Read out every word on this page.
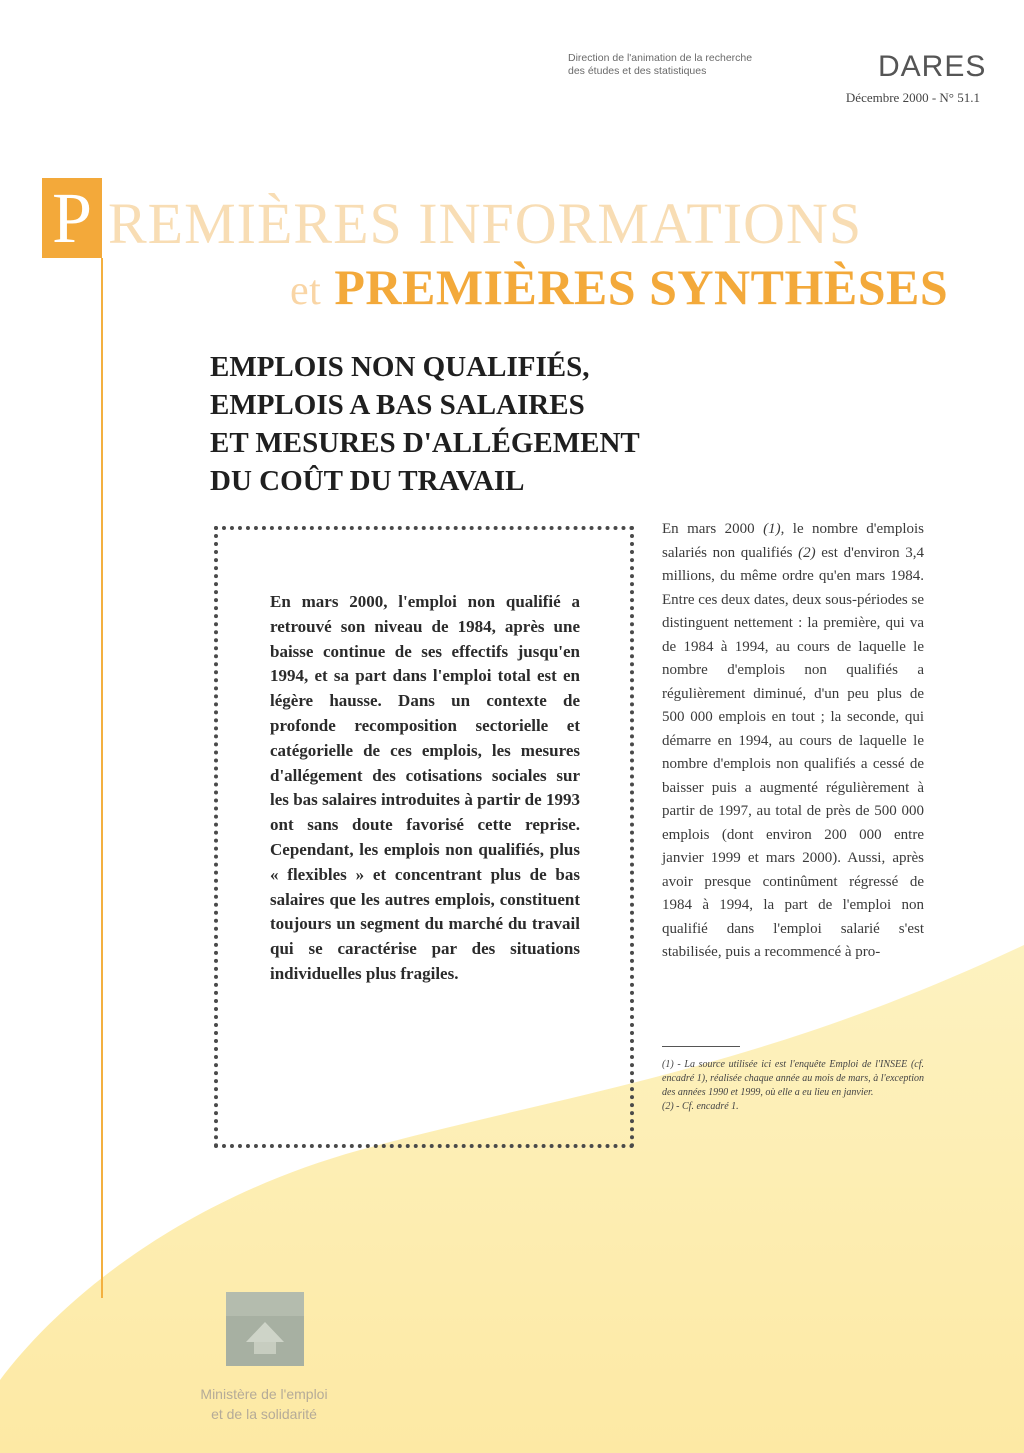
Direction de l'animation de la recherche
des études et des statistiques	DARES
Décembre 2000 - N° 51.1
P REMIÈRES INFORMATIONS
et PREMIÈRES SYNTHÈSES
EMPLOIS NON QUALIFIÉS,
EMPLOIS A BAS SALAIRES
ET MESURES D'ALLÉGEMENT
DU COÛT DU TRAVAIL
En mars 2000, l'emploi non qualifié a retrouvé son niveau de 1984, après une baisse continue de ses effectifs jusqu'en 1994, et sa part dans l'emploi total est en légère hausse. Dans un contexte de profonde recomposition sectorielle et catégorielle de ces emplois, les mesures d'allégement des cotisations sociales sur les bas salaires introduites à partir de 1993 ont sans doute favorisé cette reprise. Cependant, les emplois non qualifiés, plus « flexibles » et concentrant plus de bas salaires que les autres emplois, constituent toujours un segment du marché du travail qui se caractérise par des situations individuelles plus fragiles.
En mars 2000 (1), le nombre d'emplois salariés non qualifiés (2) est d'environ 3,4 millions, du même ordre qu'en mars 1984. Entre ces deux dates, deux sous-périodes se distinguent nettement : la première, qui va de 1984 à 1994, au cours de laquelle le nombre d'emplois non qualifiés a régulièrement diminué, d'un peu plus de 500 000 emplois en tout ; la seconde, qui démarre en 1994, au cours de laquelle le nombre d'emplois non qualifiés a cessé de baisser puis a augmenté régulièrement à partir de 1997, au total de près de 500 000 emplois (dont environ 200 000 entre janvier 1999 et mars 2000). Aussi, après avoir presque continûment régressé de 1984 à 1994, la part de l'emploi non qualifié dans l'emploi salarié s'est stabilisée, puis a recommencé à pro-

(1) - La source utilisée ici est l'enquête Emploi de l'INSEE (cf. encadré 1), réalisée chaque année au mois de mars, à l'exception des années 1990 et 1999, où elle a eu lieu en janvier.

(2) - Cf. encadré 1.

Ministère de l'emploi
et de la solidarité
